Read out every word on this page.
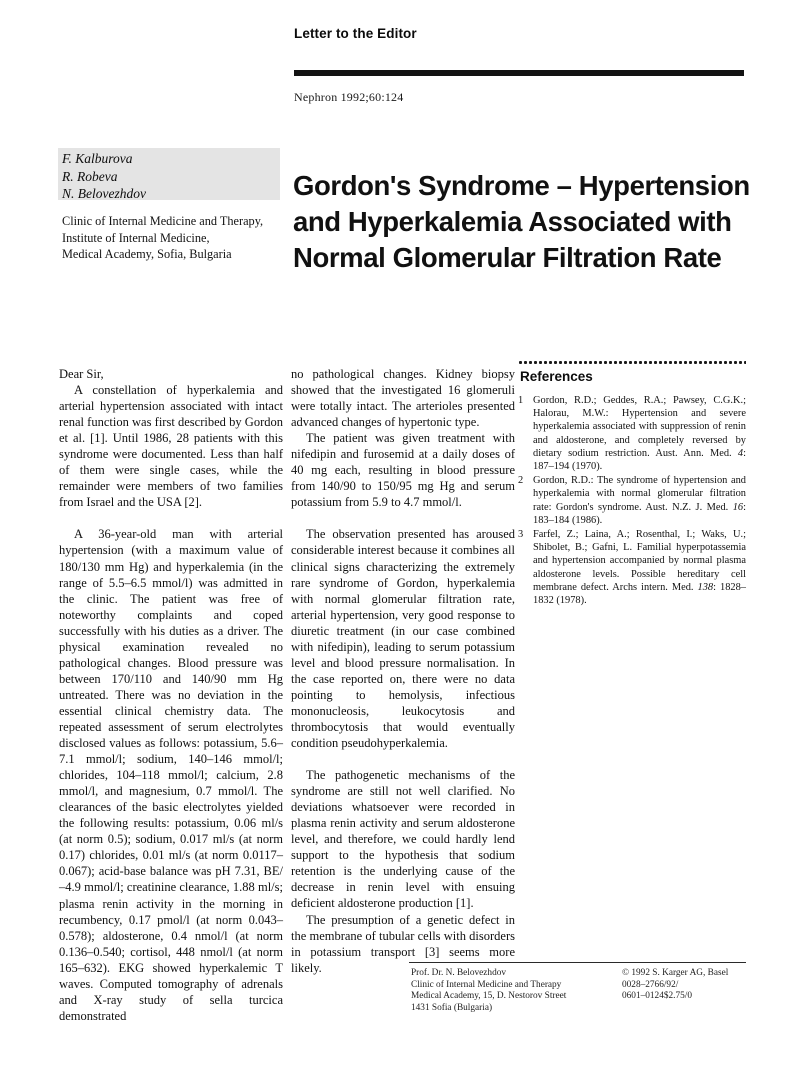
Letter to the Editor
Nephron 1992;60:124
F. Kalburova
R. Robeva
N. Belovezhdov
Clinic of Internal Medicine and Therapy,
Institute of Internal Medicine,
Medical Academy, Sofia, Bulgaria
Gordon's Syndrome – Hypertension and Hyperkalemia Associated with Normal Glomerular Filtration Rate

Dear Sir,

A constellation of hyperkalemia and arterial hypertension associated with intact renal function was first described by Gordon et al. [1]. Until 1986, 28 patients with this syndrome were documented. Less than half of them were single cases, while the remainder were members of two families from Israel and the USA [2].

A 36-year-old man with arterial hypertension (with a maximum value of 180/130 mm Hg) and hyperkalemia (in the range of 5.5–6.5 mmol/l) was admitted in the clinic. The patient was free of noteworthy complaints and coped successfully with his duties as a driver. The physical examination revealed no pathological changes. Blood pressure was between 170/110 and 140/90 mm Hg untreated. There was no deviation in the essential clinical chemistry data. The repeated assessment of serum electrolytes disclosed values as follows: potassium, 5.6–7.1 mmol/l; sodium, 140–146 mmol/l; chlorides, 104–118 mmol/l; calcium, 2.8 mmol/l, and magnesium, 0.7 mmol/l. The clearances of the basic electrolytes yielded the following results: potassium, 0.06 ml/s (at norm 0.5); sodium, 0.017 ml/s (at norm 0.17) chlorides, 0.01 ml/s (at norm 0.0117–0.067); acid-base balance was pH 7.31, BE/ –4.9 mmol/l; creatinine clearance, 1.88 ml/s; plasma renin activity in the morning in recumbency, 0.17 pmol/l (at norm 0.043–0.578); aldosterone, 0.4 nmol/l (at norm 0.136–0.540; cortisol, 448 nmol/l (at norm 165–632). EKG showed hyperkalemic T waves. Computed tomography of adrenals and X-ray study of sella turcica demonstrated

no pathological changes. Kidney biopsy showed that the investigated 16 glomeruli were totally intact. The arterioles presented advanced changes of hypertonic type.

The patient was given treatment with nifedipin and furosemid at a daily doses of 40 mg each, resulting in blood pressure from 140/90 to 150/95 mg Hg and serum potassium from 5.9 to 4.7 mmol/l.

The observation presented has aroused considerable interest because it combines all clinical signs characterizing the extremely rare syndrome of Gordon, hyperkalemia with normal glomerular filtration rate, arterial hypertension, very good response to diuretic treatment (in our case combined with nifedipin), leading to serum potassium level and blood pressure normalisation. In the case reported on, there were no data pointing to hemolysis, infectious mononucleosis, leukocytosis and thrombocytosis that would eventually condition pseudohyperkalemia.

The pathogenetic mechanisms of the syndrome are still not well clarified. No deviations whatsoever were recorded in plasma renin activity and serum aldosterone level, and therefore, we could hardly lend support to the hypothesis that sodium retention is the underlying cause of the decrease in renin level with ensuing deficient aldosterone production [1].

The presumption of a genetic defect in the membrane of tubular cells with disorders in potassium transport [3] seems more likely.

References
1 Gordon, R.D.; Geddes, R.A.; Pawsey, C.G.K.; Halorau, M.W.: Hypertension and severe hyperkalemia associated with suppression of renin and aldosterone, and completely reversed by dietary sodium restriction. Aust. Ann. Med. 4: 187–194 (1970).
2 Gordon, R.D.: The syndrome of hypertension and hyperkalemia with normal glomerular filtration rate: Gordon's syndrome. Aust. N.Z. J. Med. 16: 183–184 (1986).
3 Farfel, Z.; Laina, A.; Rosenthal, I.; Waks, U.; Shibolet, B.; Gafni, L. Familial hyperpotassemia and hypertension accompanied by normal plasma aldosterone levels. Possible hereditary cell membrane defect. Archs intern. Med. 138: 1828–1832 (1978).
Prof. Dr. N. Belovezhdov
Clinic of Internal Medicine and Therapy
Medical Academy, 15, D. Nestorov Street
1431 Sofia (Bulgaria)
© 1992 S. Karger AG, Basel
0028–2766/92/
0601–0124$2.75/0
